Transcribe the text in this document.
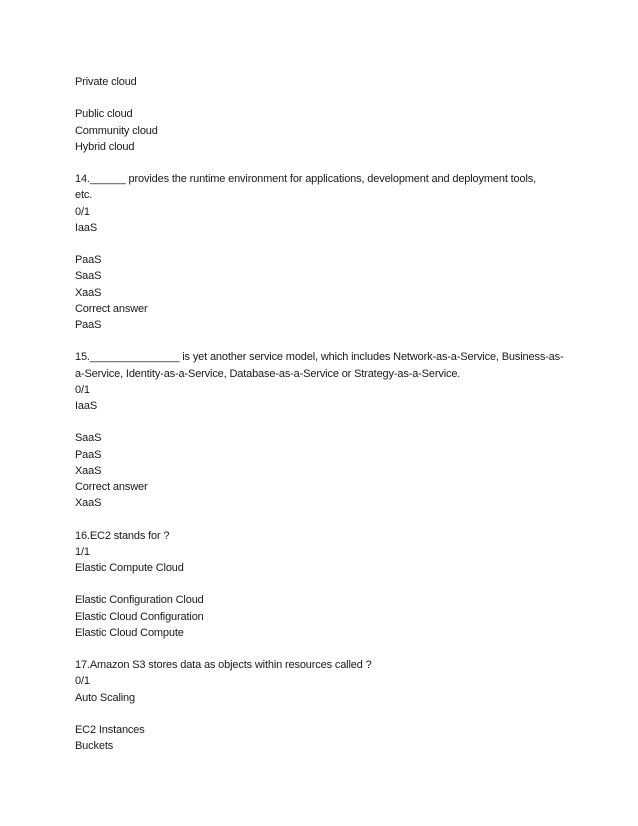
Private cloud
Public cloud
Community cloud
Hybrid cloud
14.______ provides the runtime environment for applications, development and deployment tools,
etc.
0/1
IaaS
PaaS
SaaS
XaaS
Correct answer
PaaS
15._______________ is yet another service model, which includes Network-as-a-Service, Business-as-
a-Service, Identity-as-a-Service, Database-as-a-Service or Strategy-as-a-Service.
0/1
IaaS
SaaS
PaaS
XaaS
Correct answer
XaaS
16.EC2 stands for ?
1/1
Elastic Compute Cloud
Elastic Configuration Cloud
Elastic Cloud Configuration
Elastic Cloud Compute
17.Amazon S3 stores data as objects within resources called ?
0/1
Auto Scaling
EC2 Instances
Buckets
